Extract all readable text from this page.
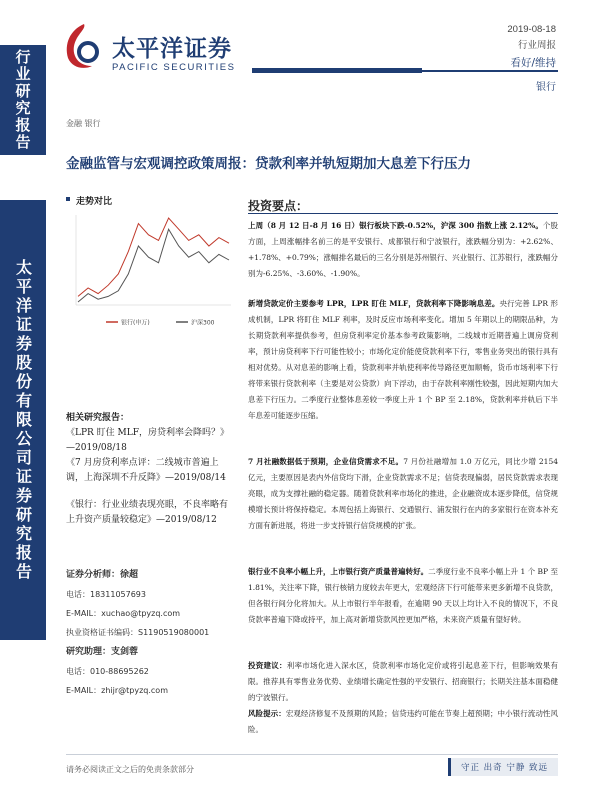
行业研究报告
太平洋证券股份有限公司证券研究报告
太平洋证券
PACIFIC SECURITIES
2019-08-18
行业周报
看好/维持
银行
金融 银行
金融监管与宏观调控政策周报：贷款利率并轨短期加大息差下行压力
走势对比
银行(申万)	沪深300
相关研究报告：
《LPR 盯住 MLF，房贷利率会降吗？》—2019/08/18
《7 月房贷利率点评：二线城市普遍上调，上海深圳不升反降》—2019/08/14
《银行：行业业绩表现亮眼，不良率略有上升资产质量较稳定》—2019/08/12
证券分析师：徐超
电话：18311057693
E-MAIL：xuchao@tpyzq.com
执业资格证书编码：S1190519080001
研究助理：支剑蓉
电话：010-88695262
E-MAIL：zhijr@tpyzq.com
投资要点：
上周（8 月 12 日-8 月 16 日）银行板块下跌-0.52%，沪深 300 指数上涨 2.12%。个股方面，上周涨幅排名前三的是平安银行、成都银行和宁波银行，涨跌幅分别为：+2.62%、+1.78%、+0.79%；涨幅排名最后的三名分别是苏州银行、兴业银行、江苏银行，涨跌幅分别为-6.25%、-3.60%、-1.90%。
新增贷款定价主要参考 LPR，LPR 盯住 MLF，贷款利率下降影响息差。央行完善 LPR 形成机制，LPR 将盯住 MLF 利率，及时反应市场利率变化。增加 5 年期以上的期限品种，为长期贷款利率提供参考，但房贷利率定价基本参考政策影响，二线城市近期普遍上调房贷利率，预计房贷利率下行可能性较小；市场化定价能使贷款利率下行，零售业务突出的银行具有相对优势。从对息差的影响上看，贷款利率并轨使利率传导路径更加顺畅，货币市场利率下行将带来银行贷款利率（主要是对公贷款）向下浮动，由于存款利率刚性较强，因此短期内加大息差下行压力。二季度行业整体息差较一季度上升 1 个 BP 至 2.18%，贷款利率并轨后下半年息差可能逐步压缩。
7 月社融数据低于预期，企业信贷需求不足。7 月份社融增加 1.0 万亿元，同比少增 2154 亿元，主要原因是表内外信贷均下滑，企业贷款需求不足；信贷表现偏弱，居民贷款需求表现亮眼，成为支撑社融的稳定器。随着贷款利率市场化的推进，企业融资成本逐步降低，信贷规模增长预计将保持稳定。本周包括上海银行、交通银行、浦发银行在内的多家银行在资本补充方面有新进展，将进一步支持银行信贷规模的扩张。
银行业不良率小幅上升，上市银行资产质量普遍转好。二季度行业不良率小幅上升 1 个 BP 至 1.81%，关注率下降，银行核销力度较去年更大，宏观经济下行可能带来更多新增不良贷款，但各银行间分化将加大。从上市银行半年报看，在逾期 90 天以上均计入不良的情况下，不良贷款率普遍下降或持平，加上高对新增贷款风控更加严格，未来资产质量有望好转。
投资建议：利率市场化进入深水区，贷款利率市场化定价或将引起息差下行，但影响效果有限。推荐具有零售业务优势、业绩增长确定性强的平安银行、招商银行；长期关注基本面稳健的宁波银行。
风险提示：宏观经济修复不及预期的风险；信贷违约可能在节奏上超预期；中小银行流动性风险。
请务必阅读正文之后的免责条款部分	守正 出奇 宁静 致远
